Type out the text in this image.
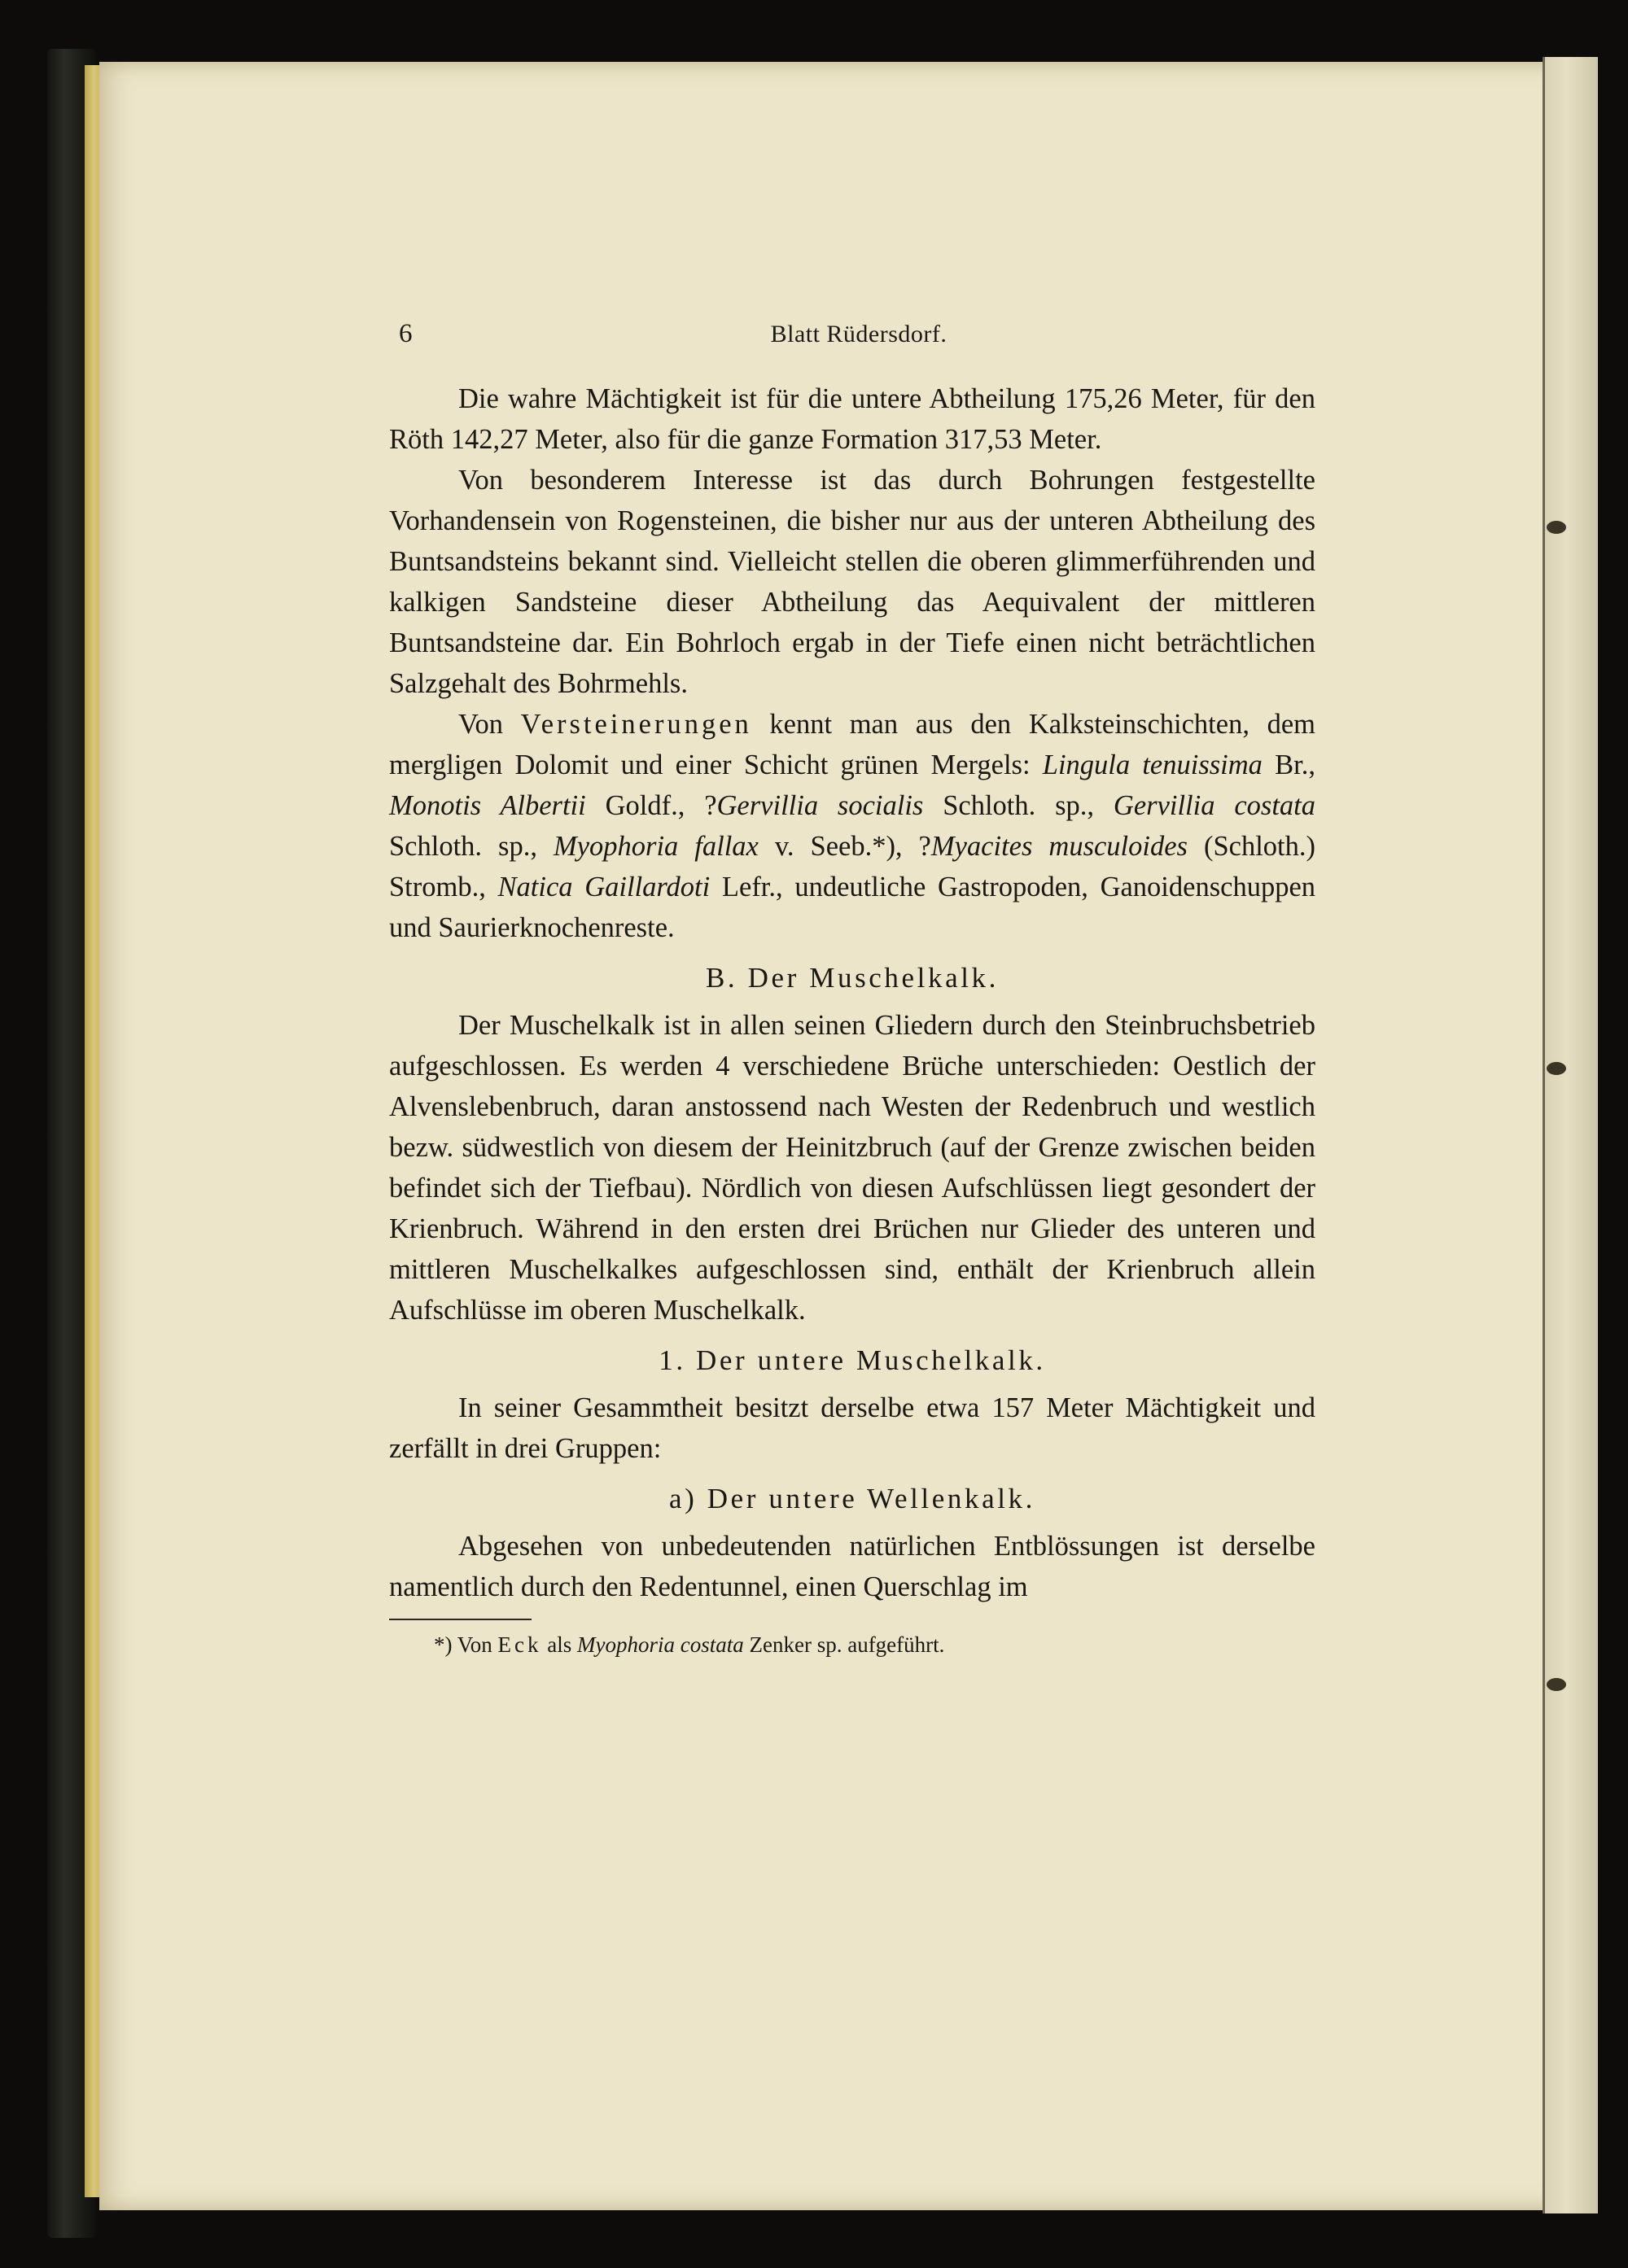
6	Blatt Rüdersdorf.

Die wahre Mächtigkeit ist für die untere Abtheilung 175,26 Meter, für den Röth 142,27 Meter, also für die ganze Formation 317,53 Meter.

Von besonderem Interesse ist das durch Bohrungen festgestellte Vorhandensein von Rogensteinen, die bisher nur aus der unteren Abtheilung des Buntsandsteins bekannt sind. Vielleicht stellen die oberen glimmerführenden und kalkigen Sandsteine dieser Abtheilung das Aequivalent der mittleren Buntsandsteine dar. Ein Bohrloch ergab in der Tiefe einen nicht beträchtlichen Salzgehalt des Bohrmehls.

Von Versteinerungen kennt man aus den Kalksteinschichten, dem mergligen Dolomit und einer Schicht grünen Mergels: Lingula tenuissima Br., Monotis Albertii Goldf., ?Gervillia socialis Schloth. sp., Gervillia costata Schloth. sp., Myophoria fallax v. Seeb.*), ?Myacites musculoides (Schloth.) Stromb., Natica Gaillardoti Lefr., undeutliche Gastropoden, Ganoidenschuppen und Saurierknochenreste.

B. Der Muschelkalk.

Der Muschelkalk ist in allen seinen Gliedern durch den Steinbruchsbetrieb aufgeschlossen. Es werden 4 verschiedene Brüche unterschieden: Oestlich der Alvenslebenbruch, daran anstossend nach Westen der Redenbruch und westlich bezw. südwestlich von diesem der Heinitzbruch (auf der Grenze zwischen beiden befindet sich der Tiefbau). Nördlich von diesen Aufschlüssen liegt gesondert der Krienbruch. Während in den ersten drei Brüchen nur Glieder des unteren und mittleren Muschelkalkes aufgeschlossen sind, enthält der Krienbruch allein Aufschlüsse im oberen Muschelkalk.

1. Der untere Muschelkalk.

In seiner Gesammtheit besitzt derselbe etwa 157 Meter Mächtigkeit und zerfällt in drei Gruppen:

a) Der untere Wellenkalk.

Abgesehen von unbedeutenden natürlichen Entblössungen ist derselbe namentlich durch den Redentunnel, einen Querschlag im

*) Von Eck als Myophoria costata Zenker sp. aufgeführt.
